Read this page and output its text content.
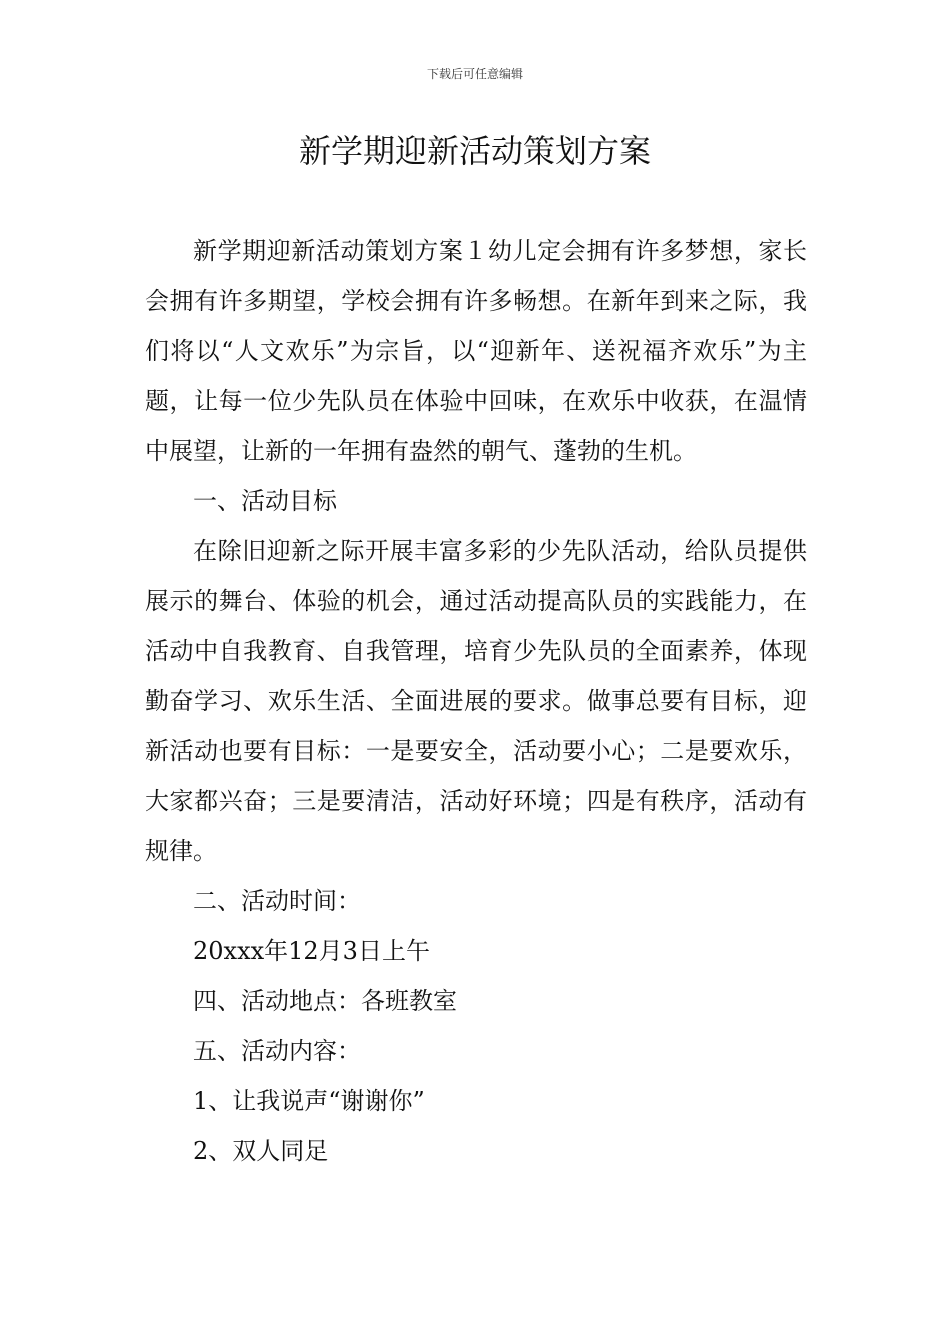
下载后可任意编辑
新学期迎新活动策划方案

新学期迎新活动策划方案１幼儿定会拥有许多梦想，家长会拥有许多期望，学校会拥有许多畅想。在新年到来之际，我们将以“人文欢乐”为宗旨，以“迎新年、送祝福齐欢乐”为主题，让每一位少先队员在体验中回味，在欢乐中收获，在温情中展望，让新的一年拥有盎然的朝气、蓬勃的生机。

一、活动目标

在除旧迎新之际开展丰富多彩的少先队活动，给队员提供展示的舞台、体验的机会，通过活动提高队员的实践能力，在活动中自我教育、自我管理，培育少先队员的全面素养，体现勤奋学习、欢乐生活、全面进展的要求。做事总要有目标，迎新活动也要有目标：一是要安全，活动要小心；二是要欢乐，大家都兴奋；三是要清洁，活动好环境；四是有秩序，活动有规律。

二、活动时间：

20xxx年12月3日上午

四、活动地点：各班教室

五、活动内容：

1、让我说声“谢谢你”

2、双人同足
